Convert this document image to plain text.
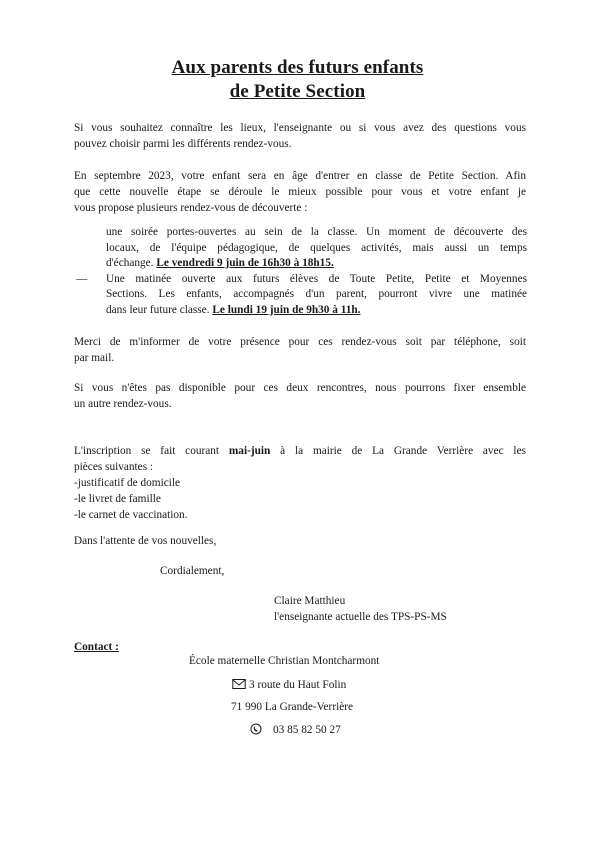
Aux parents des futurs enfants
de Petite Section
Si vous souhaitez connaître les lieux, l'enseignante ou si vous avez des questions vous
pouvez choisir parmi les différents rendez-vous.
En septembre 2023, votre enfant sera en âge d'entrer en classe de Petite Section. Afin
que cette nouvelle étape se déroule le mieux possible pour vous et votre enfant je
vous propose plusieurs rendez-vous de découverte :
une soirée portes-ouvertes au sein de la classe. Un moment de découverte des
locaux, de l'équipe pédagogique, de quelques activités, mais aussi un temps
d'échange. Le vendredi 9 juin de 16h30 à 18h15.
— Une matinée ouverte aux futurs élèves de Toute Petite, Petite et Moyennes
Sections. Les enfants, accompagnés d'un parent, pourront vivre une matinée
dans leur future classe. Le lundi 19 juin de 9h30 à 11h.
Merci de m'informer de votre présence pour ces rendez-vous soit par téléphone, soit
par mail.
Si vous n'êtes pas disponible pour ces deux rencontres, nous pourrons fixer ensemble
un autre rendez-vous.
L'inscription se fait courant mai-juin à la mairie de La Grande Verrière avec les
pièces suivantes :
-justificatif de domicile
-le livret de famille
-le carnet de vaccination.
Dans l'attente de vos nouvelles,
Cordialement,
Claire Matthieu
l'enseignante actuelle des TPS-PS-MS
Contact :
École maternelle Christian Montcharmont
3 route du Haut Folin
71 990 La Grande-Verrière
03 85 82 50 27
